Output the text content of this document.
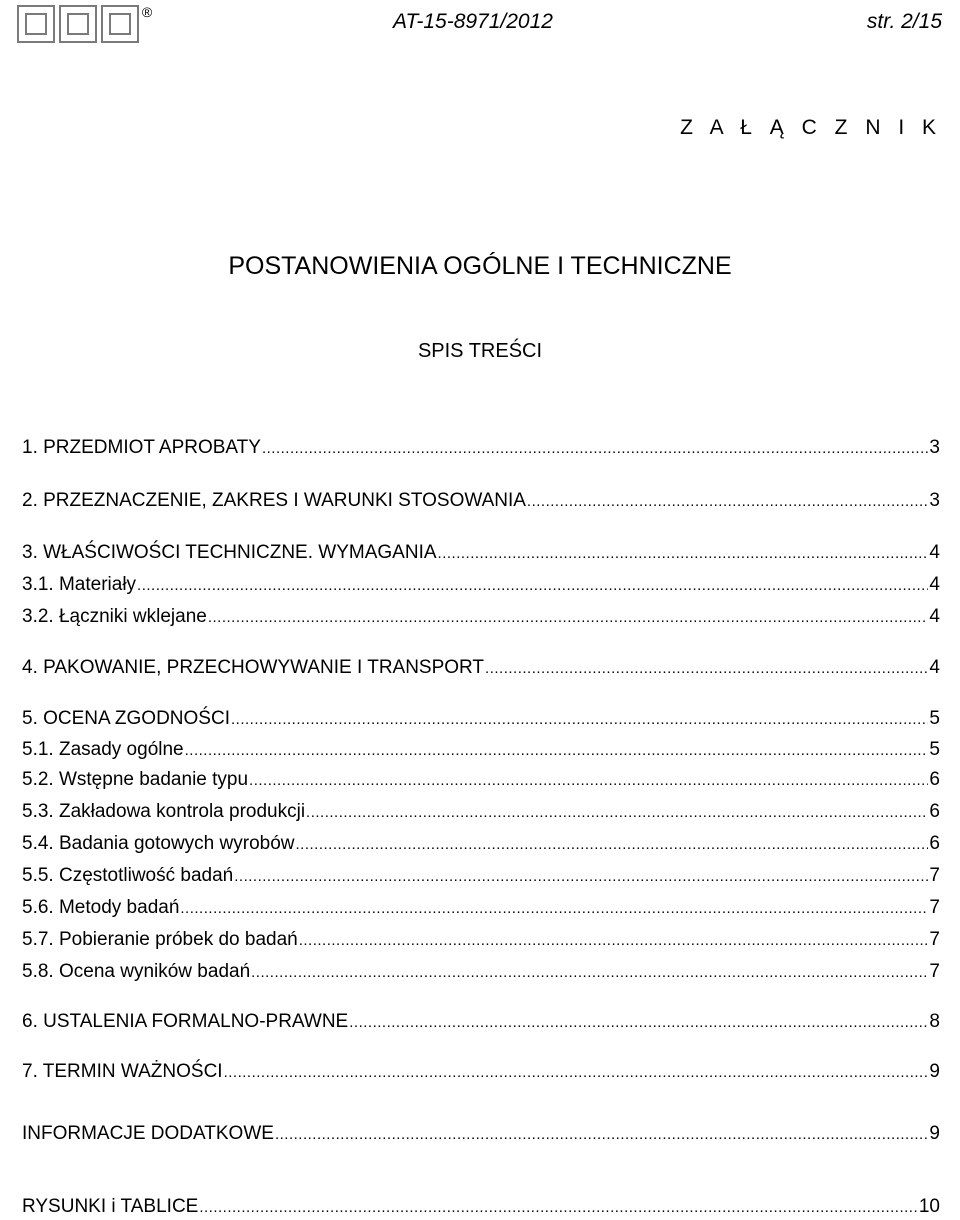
ITB
®	AT-15-8971/2012	str. 2/15
Z A Ł Ą C Z N I K
POSTANOWIENIA OGÓLNE I TECHNICZNE
SPIS TREŚCI
1. PRZEDMIOT APROBATY .....	3
2. PRZEZNACZENIE, ZAKRES I WARUNKI STOSOWANIA .....	3
3. WŁAŚCIWOŚCI TECHNICZNE. WYMAGANIA .....	4
3.1. Materiały .....	4
3.2. Łączniki wklejane .....	4
4. PAKOWANIE, PRZECHOWYWANIE I TRANSPORT .....	4
5. OCENA ZGODNOŚCI .....	5
5.1. Zasady ogólne .....	5
5.2. Wstępne badanie typu .....	6
5.3. Zakładowa kontrola produkcji .....	6
5.4. Badania gotowych wyrobów .....	6
5.5. Częstotliwość badań .....	7
5.6. Metody badań .....	7
5.7. Pobieranie próbek do badań .....	7
5.8. Ocena wyników badań .....	7
6. USTALENIA FORMALNO-PRAWNE .....	8
7. TERMIN WAŻNOŚCI .....	9
INFORMACJE DODATKOWE .....	9
RYSUNKI i TABLICE .....	10
